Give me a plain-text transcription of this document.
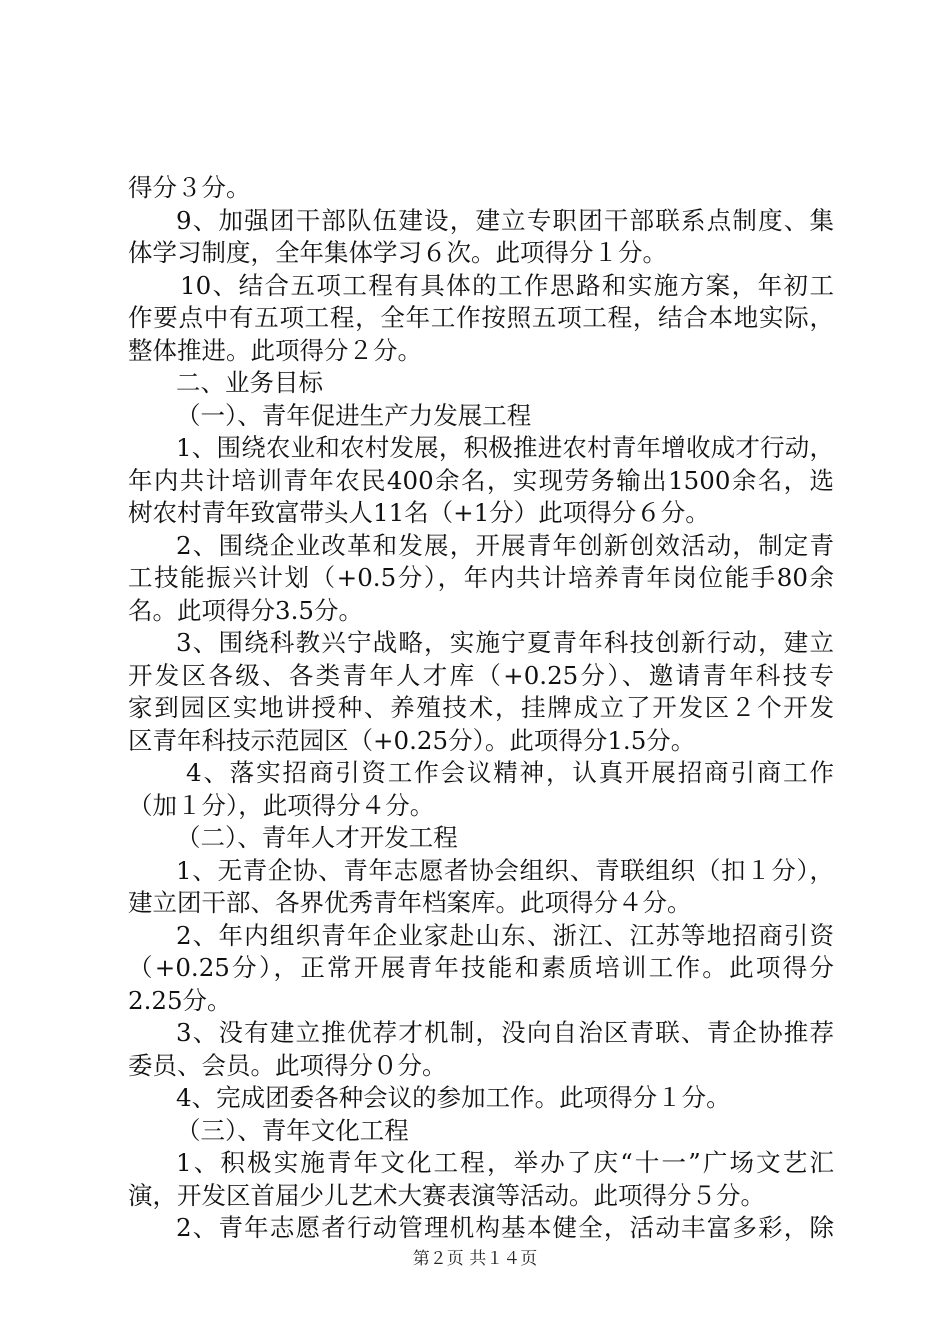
得分３分。
9、加强团干部队伍建设，建立专职团干部联系点制度、集
体学习制度，全年集体学习６次。此项得分１分。
10、结合五项工程有具体的工作思路和实施方案，年初工
作要点中有五项工程，全年工作按照五项工程，结合本地实际，
整体推进。此项得分２分。
二、业务目标
（一）、青年促进生产力发展工程
1、围绕农业和农村发展，积极推进农村青年增收成才行动，
年内共计培训青年农民400余名，实现劳务输出1500余名，选
树农村青年致富带头人11名（+1分）此项得分６分。
2、围绕企业改革和发展，开展青年创新创效活动，制定青
工技能振兴计划（+0.5分），年内共计培养青年岗位能手80余
名。此项得分3.5分。
3、围绕科教兴宁战略，实施宁夏青年科技创新行动，建立
开发区各级、各类青年人才库（+0.25分）、邀请青年科技专
家到园区实地讲授种、养殖技术，挂牌成立了开发区２个开发
区青年科技示范园区（+0.25分）。此项得分1.5分。
4、落实招商引资工作会议精神，认真开展招商引商工作
（加１分），此项得分４分。
（二）、青年人才开发工程
1、无青企协、青年志愿者协会组织、青联组织（扣１分），
建立团干部、各界优秀青年档案库。此项得分４分。
2、年内组织青年企业家赴山东、浙江、江苏等地招商引资
（+0.25分），正常开展青年技能和素质培训工作。此项得分
2.25分。
3、没有建立推优荐才机制，没向自治区青联、青企协推荐
委员、会员。此项得分０分。
4、完成团委各种会议的参加工作。此项得分１分。
（三）、青年文化工程
1、积极实施青年文化工程，举办了庆“十一”广场文艺汇
演，开发区首届少儿艺术大赛表演等活动。此项得分５分。
2、青年志愿者行动管理机构基本健全，活动丰富多彩，除
第２页 共１４页
